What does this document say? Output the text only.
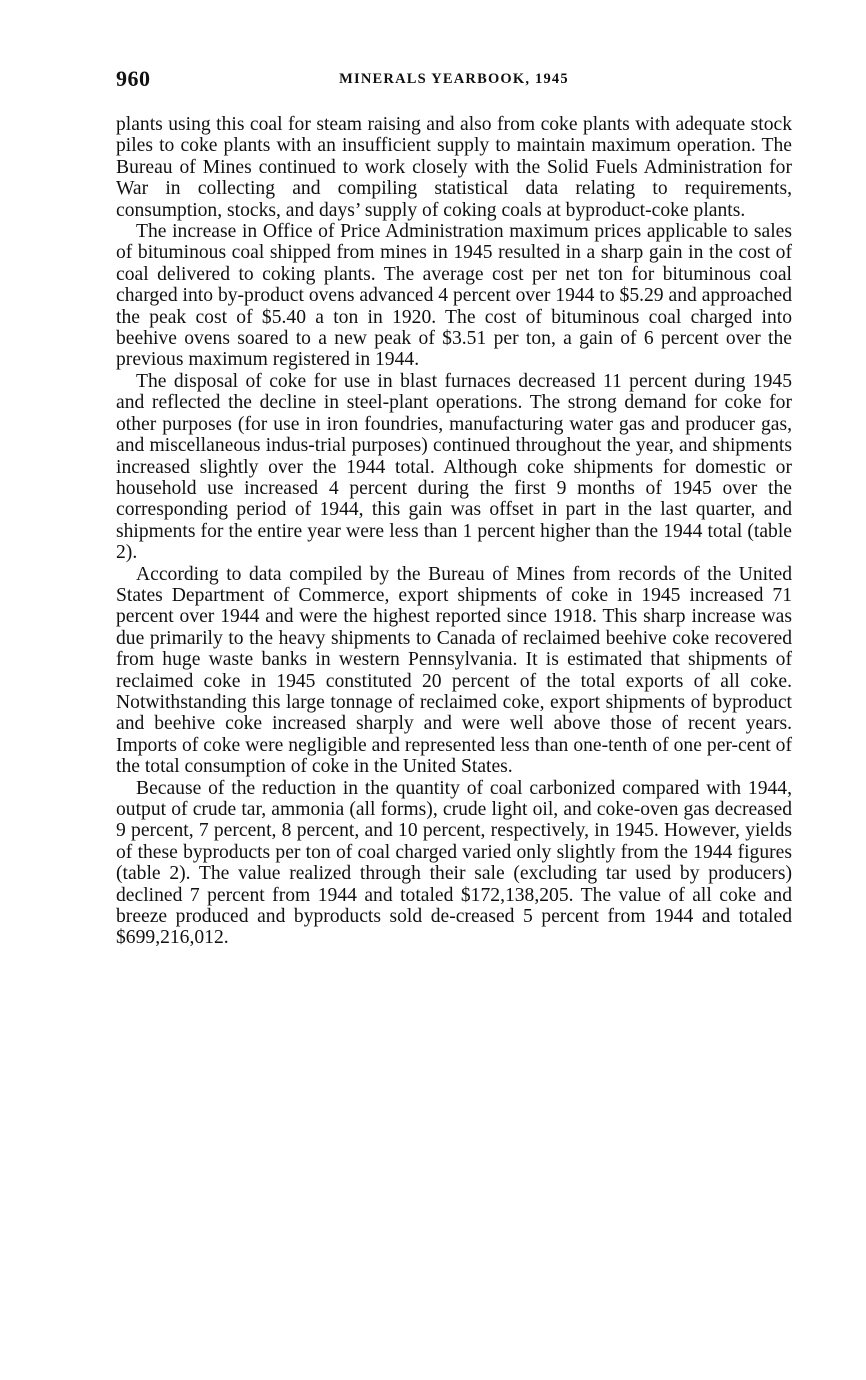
960	MINERALS YEARBOOK, 1945

plants using this coal for steam raising and also from coke plants with adequate stock piles to coke plants with an insufficient supply to maintain maximum operation. The Bureau of Mines continued to work closely with the Solid Fuels Administration for War in collecting and compiling statistical data relating to requirements, consumption, stocks, and days’ supply of coking coals at byproduct-coke plants.

The increase in Office of Price Administration maximum prices applicable to sales of bituminous coal shipped from mines in 1945 resulted in a sharp gain in the cost of coal delivered to coking plants. The average cost per net ton for bituminous coal charged into by-product ovens advanced 4 percent over 1944 to $5.29 and approached the peak cost of $5.40 a ton in 1920. The cost of bituminous coal charged into beehive ovens soared to a new peak of $3.51 per ton, a gain of 6 percent over the previous maximum registered in 1944.

The disposal of coke for use in blast furnaces decreased 11 percent during 1945 and reflected the decline in steel-plant operations. The strong demand for coke for other purposes (for use in iron foundries, manufacturing water gas and producer gas, and miscellaneous indus-trial purposes) continued throughout the year, and shipments increased slightly over the 1944 total. Although coke shipments for domestic or household use increased 4 percent during the first 9 months of 1945 over the corresponding period of 1944, this gain was offset in part in the last quarter, and shipments for the entire year were less than 1 percent higher than the 1944 total (table 2).

According to data compiled by the Bureau of Mines from records of the United States Department of Commerce, export shipments of coke in 1945 increased 71 percent over 1944 and were the highest reported since 1918. This sharp increase was due primarily to the heavy shipments to Canada of reclaimed beehive coke recovered from huge waste banks in western Pennsylvania. It is estimated that shipments of reclaimed coke in 1945 constituted 20 percent of the total exports of all coke. Notwithstanding this large tonnage of reclaimed coke, export shipments of byproduct and beehive coke increased sharply and were well above those of recent years. Imports of coke were negligible and represented less than one-tenth of one per-cent of the total consumption of coke in the United States.

Because of the reduction in the quantity of coal carbonized compared with 1944, output of crude tar, ammonia (all forms), crude light oil, and coke-oven gas decreased 9 percent, 7 percent, 8 percent, and 10 percent, respectively, in 1945. However, yields of these byproducts per ton of coal charged varied only slightly from the 1944 figures (table 2). The value realized through their sale (excluding tar used by producers) declined 7 percent from 1944 and totaled $172,138,205. The value of all coke and breeze produced and byproducts sold de-creased 5 percent from 1944 and totaled $699,216,012.
